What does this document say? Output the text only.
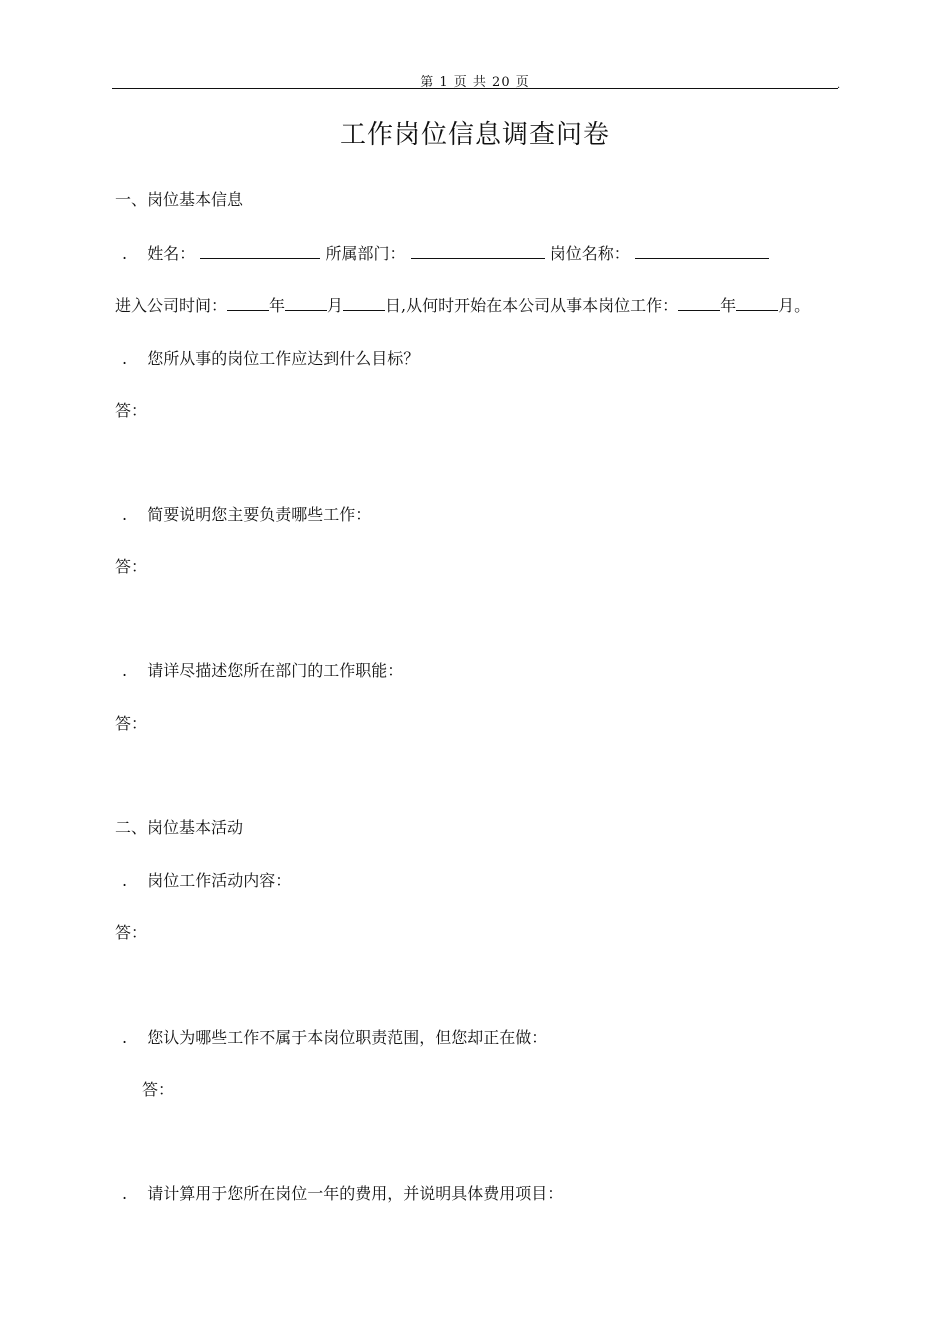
第 1 页 共 20 页	.
工作岗位信息调查问卷
一、岗位基本信息
. 姓名：	所属部门：	岗位名称：
进入公司时间：	年	月	日,从何时开始在本公司从事本岗位工作：	年	月。
. 您所从事的岗位工作应达到什么目标？
答：
. 简要说明您主要负责哪些工作：
答：
. 请详尽描述您所在部门的工作职能：
答：
二、岗位基本活动
. 岗位工作活动内容：
答：
. 您认为哪些工作不属于本岗位职责范围，但您却正在做：
答：
. 请计算用于您所在岗位一年的费用，并说明具体费用项目：
